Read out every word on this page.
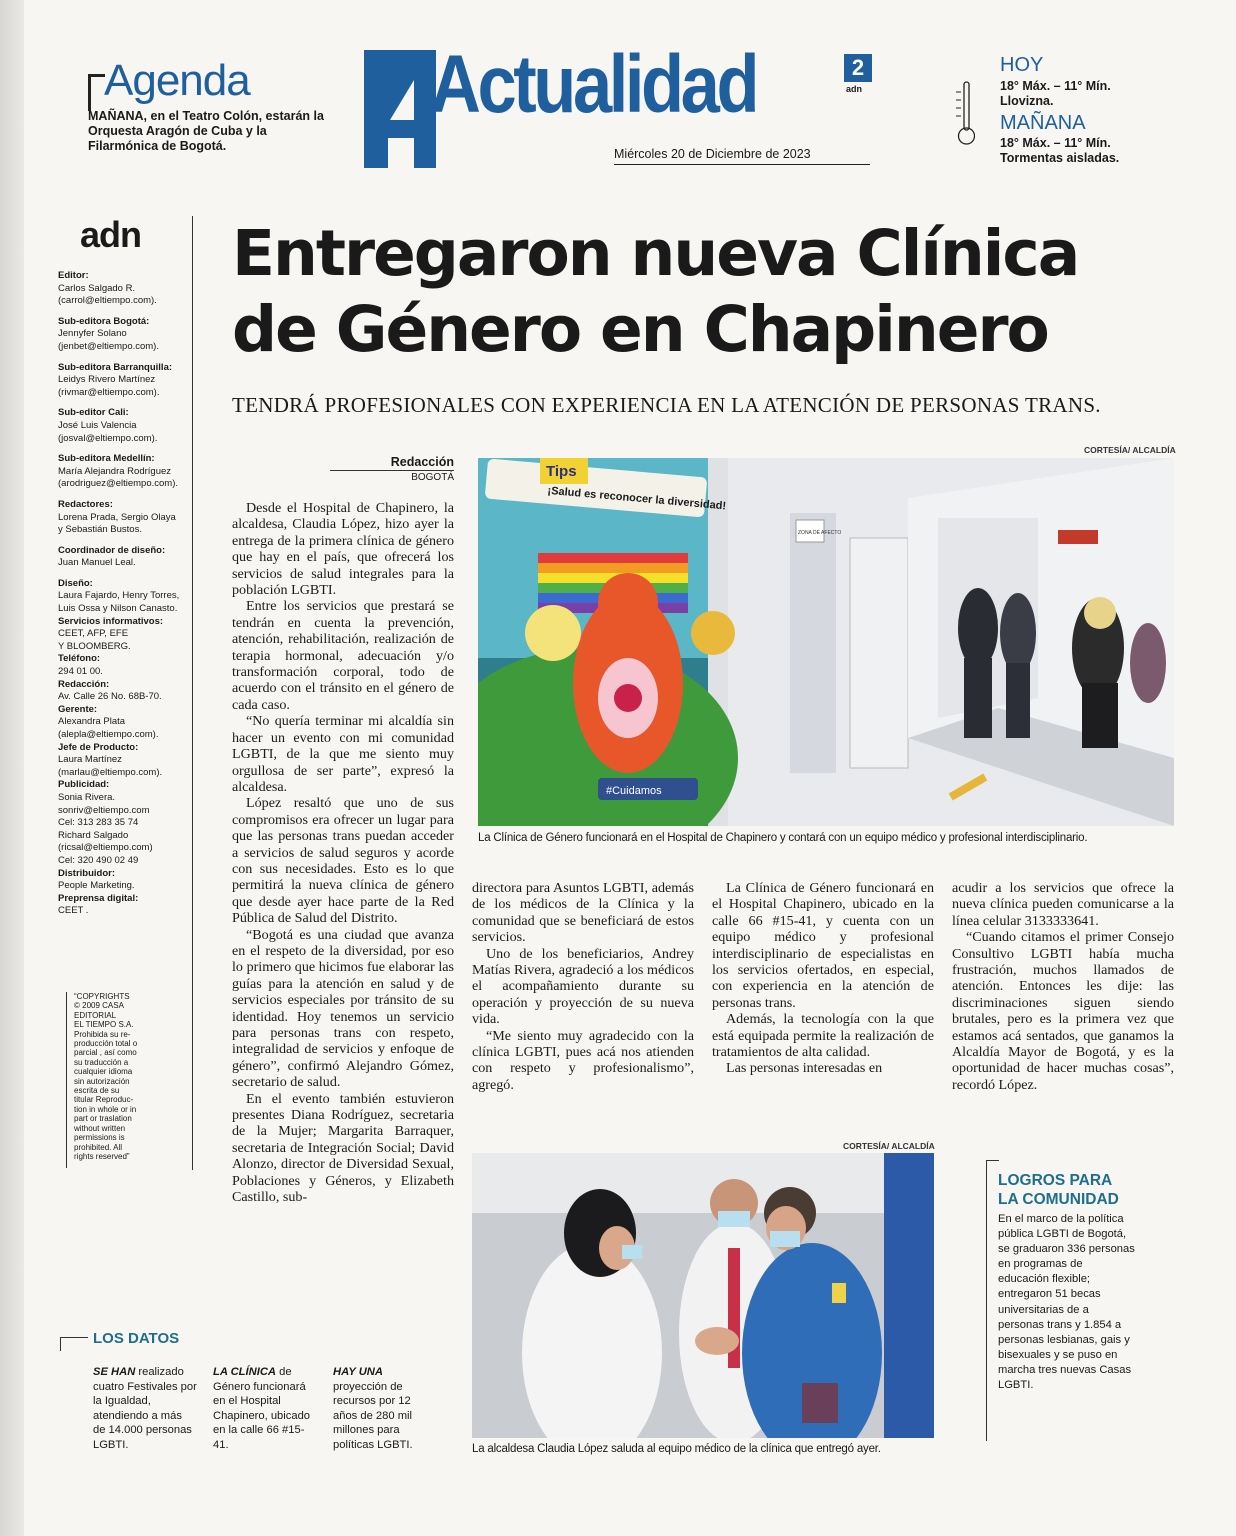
Agenda
MAÑANA, en el Teatro Colón, estarán la Orquesta Aragón de Cuba y la Filarmónica de Bogotá.
Actualidad	2
adn
Miércoles 20 de Diciembre de 2023
HOY
18° Máx. – 11° Mín.
Llovizna.
MAÑANA
18° Máx. – 11° Mín.
Tormentas aisladas.
adn
Editor:
Carlos Salgado R.
(carrol@eltiempo.com).
Sub-editora Bogotá:
Jennyfer Solano
(jenbet@eltiempo.com).
Sub-editora Barranquilla:
Leidys Rivero Martínez
(rivmar@eltiempo.com).
Sub-editor Cali:
José Luis Valencia
(josval@eltiempo.com).
Sub-editora Medellín:
María Alejandra Rodríguez
(arodriguez@eltiempo.com).
Redactores:
Lorena Prada, Sergio Olaya
y Sebastián Bustos.
Coordinador de diseño:
Juan Manuel Leal.
Diseño:
Laura Fajardo, Henry Torres,
Luis Ossa y Nilson Canasto.
Servicios informativos:
CEET, AFP, EFE
Y BLOOMBERG.
Teléfono:
294 01 00.
Redacción:
Av. Calle 26 No. 68B-70.
Gerente:
Alexandra Plata
(alepla@eltiempo.com).
Jefe de Producto:
Laura Martínez
(marlau@eltiempo.com).
Publicidad:
Sonia Rivera.
sonriv@eltiempo.com
Cel: 313 283 35 74
Richard Salgado
(ricsal@eltiempo.com)
Cel: 320 490 02 49
Distribuidor:
People Marketing.
Preprensa digital:
CEET .
“COPYRIGHTS
© 2009 CASA
EDITORIAL
EL TIEMPO S.A.
Prohibida su re-
producción total o
parcial , así como
su traducción a
cualquier idioma
sin autorización
escrita de su
titular Reproduc-
tion in whole or in
part or traslation
without written
permissions is
prohibited. All
rights reserved”
Entregaron nueva Clínica
de Género en Chapinero
TENDRÁ PROFESIONALES CON EXPERIENCIA EN LA ATENCIÓN DE PERSONAS TRANS.
Redacción
BOGOTÁ
CORTESÍA/ ALCALDÍA
¡Salud es reconocer la diversidad!
Tips
#Cuidamos
ZONA DE AFECTO
La Clínica de Género funcionará en el Hospital de Chapinero y contará con un equipo médico y profesional interdisciplinario.

Desde el Hospital de Chapinero, la alcaldesa, Claudia López, hizo ayer la entrega de la primera clínica de género que hay en el país, que ofrecerá los servicios de salud integrales para la población LGBTI.

Entre los servicios que prestará se tendrán en cuenta la prevención, atención, rehabilitación, realización de terapia hormonal, adecuación y/o transformación corporal, todo de acuerdo con el tránsito en el género de cada caso.

“No quería terminar mi alcaldía sin hacer un evento con mi comunidad LGBTI, de la que me siento muy orgullosa de ser parte”, expresó la alcaldesa.

López resaltó que uno de sus compromisos era ofrecer un lugar para que las personas trans puedan acceder a servicios de salud seguros y acorde con sus necesidades. Esto es lo que permitirá la nueva clínica de género que desde ayer hace parte de la Red Pública de Salud del Distrito.

“Bogotá es una ciudad que avanza en el respeto de la diversidad, por eso lo primero que hicimos fue elaborar las guías para la atención en salud y de servicios especiales por tránsito de su identidad. Hoy tenemos un servicio para personas trans con respeto, integralidad de servicios y enfoque de género”, confirmó Alejandro Gómez, secretario de salud.

En el evento también estuvieron presentes Diana Rodríguez, secretaria de la Mujer; Margarita Barraquer, secretaria de Integración Social; David Alonzo, director de Diversidad Sexual, Poblaciones y Géneros, y Elizabeth Castillo, sub-

directora para Asuntos LGBTI, además de los médicos de la Clínica y la comunidad que se beneficiará de estos servicios.

Uno de los beneficiarios, Andrey Matías Rivera, agradeció a los médicos el acompañamiento durante su operación y proyección de su nueva vida.

“Me siento muy agradecido con la clínica LGBTI, pues acá nos atienden con respeto y profesionalismo”, agregó.

La Clínica de Género funcionará en el Hospital Chapinero, ubicado en la calle 66 #15-41, y cuenta con un equipo médico y profesional interdisciplinario de especialistas en los servicios ofertados, en especial, con experiencia en la atención de personas trans.

Además, la tecnología con la que está equipada permite la realización de tratamientos de alta calidad.

Las personas interesadas en

acudir a los servicios que ofrece la nueva clínica pueden comunicarse a la línea celular 3133333641.

“Cuando citamos el primer Consejo Consultivo LGBTI había mucha frustración, muchos llamados de atención. Entonces les dije: las discriminaciones siguen siendo brutales, pero es la primera vez que estamos acá sentados, que ganamos la Alcaldía Mayor de Bogotá, y es la oportunidad de hacer muchas cosas”, recordó López.

CORTESÍA/ ALCALDÍA
La alcaldesa Claudia López saluda al equipo médico de la clínica que entregó ayer.
LOGROS PARA
LA COMUNIDAD
En el marco de la política pública LGBTI de Bogotá, se graduaron 336 personas en programas de educación flexible; entregaron 51 becas universitarias de a personas trans y 1.854 a personas lesbianas, gais y bisexuales y se puso en marcha tres nuevas Casas LGBTI.
LOS DATOS
SE HAN realizado cuatro Festivales por la Igualdad, atendiendo a más de 14.000 personas LGBTI.
LA CLÍNICA de Género funcionará en el Hospital Chapinero, ubicado en la calle 66 #15-41.
HAY UNA proyección de recursos por 12 años de 280 mil millones para políticas LGBTI.
